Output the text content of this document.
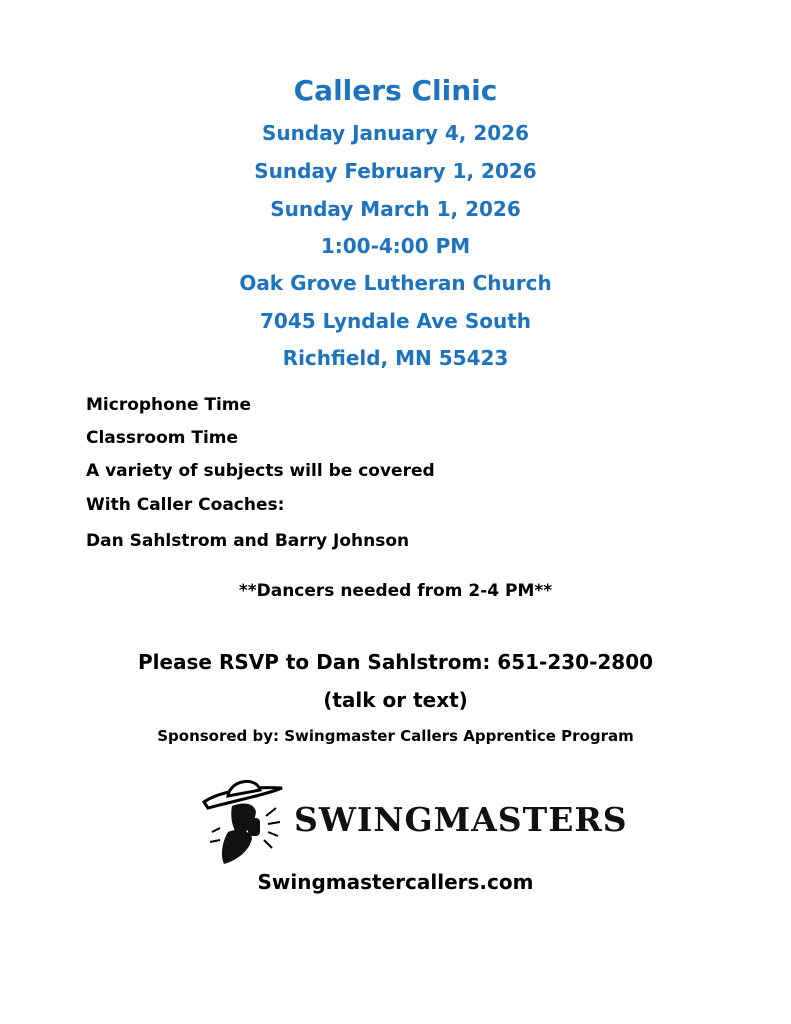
Callers Clinic
Sunday January 4, 2026
Sunday February 1, 2026
Sunday March 1, 2026
1:00-4:00 PM
Oak Grove Lutheran Church
7045 Lyndale Ave South
Richfield, MN 55423
Microphone Time
Classroom Time
A variety of subjects will be covered
With Caller Coaches:
Dan Sahlstrom and Barry Johnson
**Dancers needed from 2-4 PM**
Please RSVP to Dan Sahlstrom: 651-230-2800
(talk or text)
Sponsored by: Swingmaster Callers Apprentice Program
SWINGMASTERS
Swingmastercallers.com
